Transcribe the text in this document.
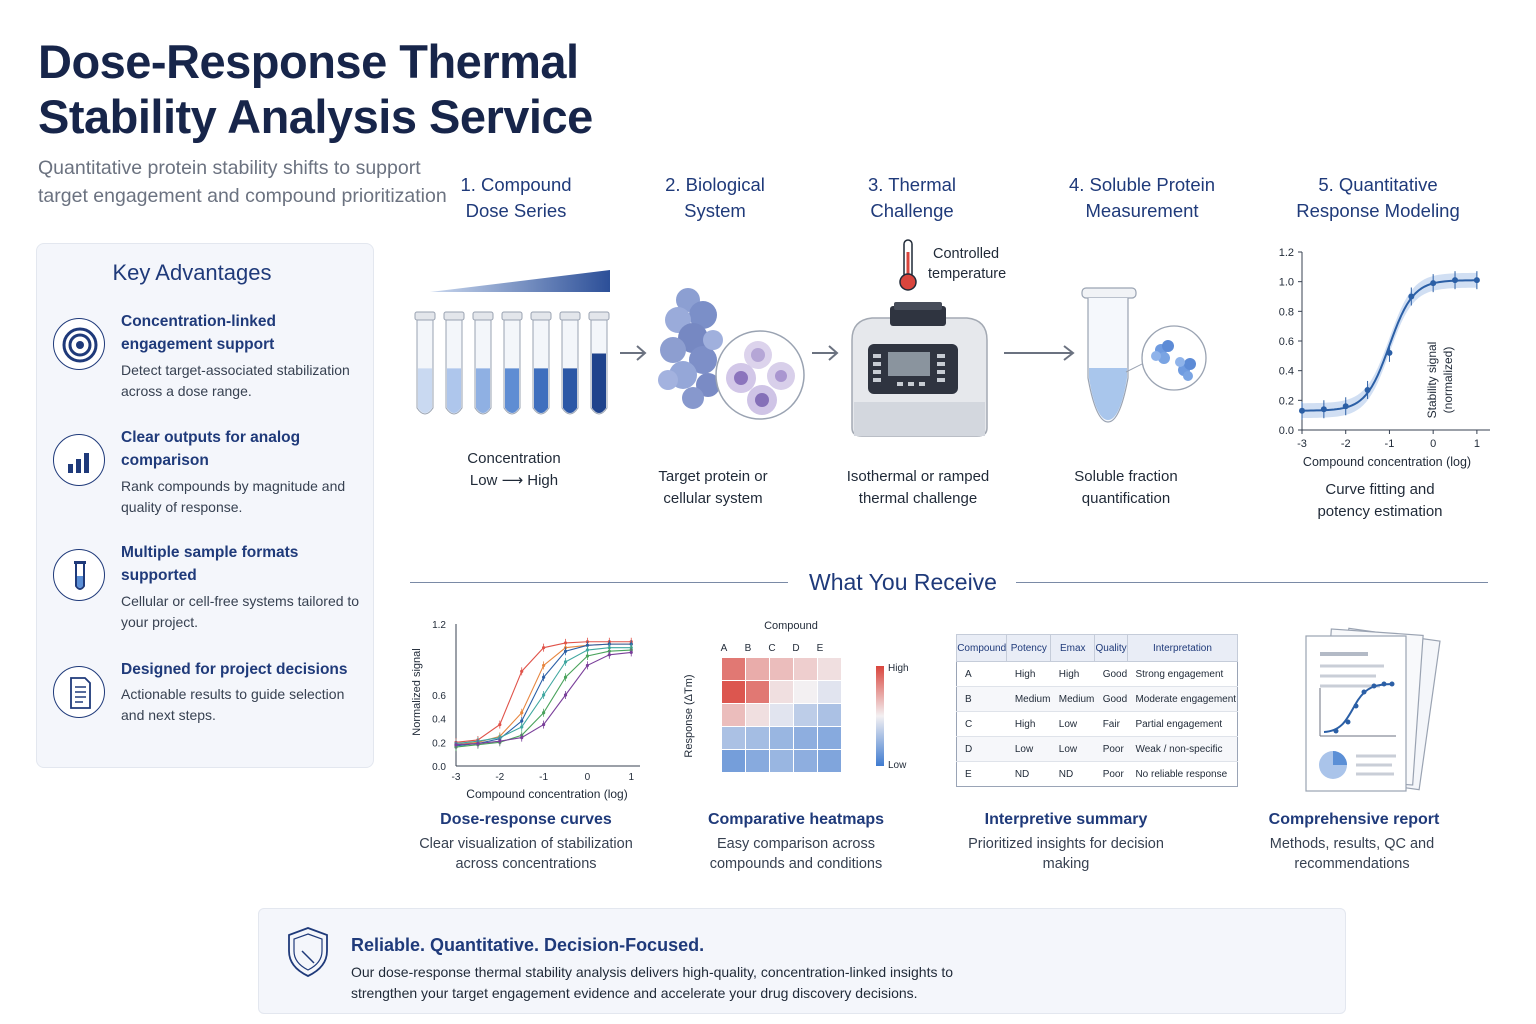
Dose-Response Thermal
Stability Analysis Service
Quantitative protein stability shifts to support
target engagement and compound prioritization
Key Advantages
Concentration-linked engagement support
Detect target-associated stabilization across a dose range.
Clear outputs for analog comparison
Rank compounds by magnitude and quality of response.
Multiple sample formats supported
Cellular or cell-free systems tailored to your project.
Designed for project decisions
Actionable results to guide selection and next steps.
1. Compound
Dose Series
2. Biological
System
3. Thermal
Challenge
4. Soluble Protein
Measurement
5. Quantitative
Response Modeling
Concentration
Low ⟶ High	Target protein or
cellular system
Controlled
temperature
Isothermal or ramped
thermal challenge
Soluble fraction
quantification
Stability signal (normalized)
Compound concentration (log)
0.0
0.2
0.4
0.6
0.8
1.0
1.2
-3	-2	-1	0	1
Curve fitting and
potency estimation
What You Receive
Normalized signal
Compound concentration (log)
0.0
0.2
0.4
0.6
1.2
-3	-2	-1	0	1
Dose-response curves
Clear visualization of stabilization
across concentrations
Compound
Response (ΔTm)
High
Low
A B C D E
Comparative heatmaps
Easy comparison across
compounds and conditions
Compound	Potency	Emax	Quality	Interpretation
A	High	High	Good	Strong engagement
B	Medium	Medium	Good	Moderate engagement
C	High	Low	Fair	Partial engagement
D	Low	Low	Poor	Weak / non-specific
E	ND	ND	Poor	No reliable response
Interpretive summary
Prioritized insights for decision
making
Comprehensive report
Methods, results, QC and
recommendations
Reliable. Quantitative. Decision-Focused.
Our dose-response thermal stability analysis delivers high-quality, concentration-linked insights to
strengthen your target engagement evidence and accelerate your drug discovery decisions.
